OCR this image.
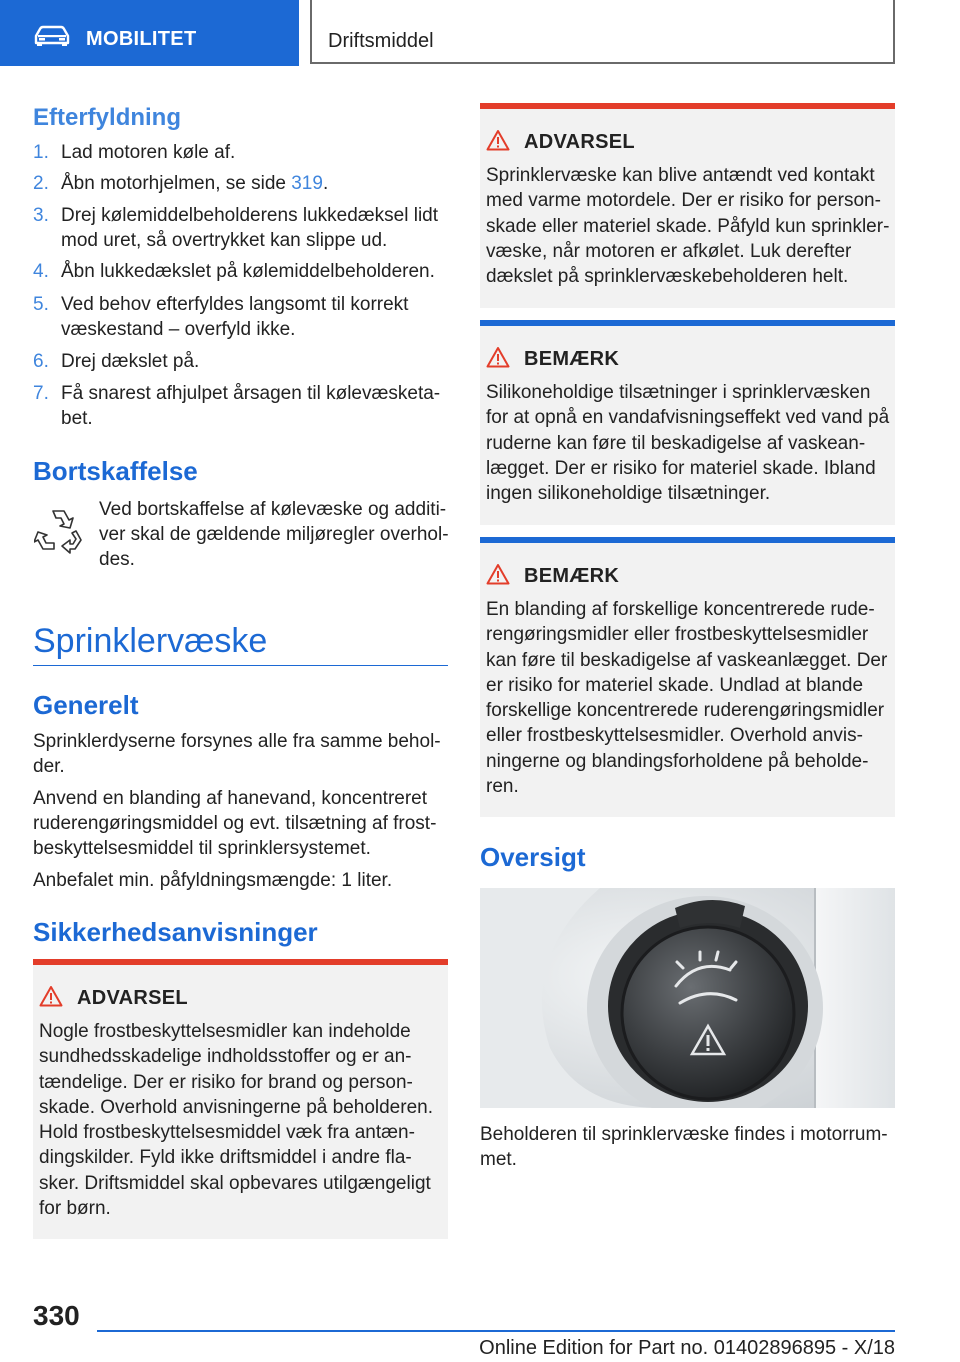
MOBILITET	Driftsmiddel
Efterfyldning
1. Lad motoren køle af.
2. Åbn motorhjelmen, se side 319.
3. Drej kølemiddelbeholderens lukkedæksel lidt mod uret, så overtrykket kan slippe ud.
4. Åbn lukkedækslet på kølemiddelbeholderen.
5. Ved behov efterfyldes langsomt til korrekt væskestand – overfyld ikke.
6. Drej dækslet på.
7. Få snarest afhjulpet årsagen til kølevæsketa-bet.
Bortskaffelse
Ved bortskaffelse af kølevæske og additi-ver skal de gældende miljøregler overhol-des.
Sprinklervæske
Generelt
Sprinklerdyserne forsynes alle fra samme behol-der.
Anvend en blanding af hanevand, koncentreret ruderengøringsmiddel og evt. tilsætning af frost-beskyttelsesmiddel til sprinklersystemet.
Anbefalet min. påfyldningsmængde: 1 liter.
Sikkerhedsanvisninger
ADVARSEL
Nogle frostbeskyttelsesmidler kan indeholde sundhedsskadelige indholdsstoffer og er an-tændelige. Der er risiko for brand og person-skade. Overhold anvisningerne på beholderen. Hold frostbeskyttelsesmiddel væk fra antæn-dingskilder. Fyld ikke driftsmiddel i andre fla-sker. Driftsmiddel skal opbevares utilgængeligt for børn.
ADVARSEL
Sprinklervæske kan blive antændt ved kontakt med varme motordele. Der er risiko for person-skade eller materiel skade. Påfyld kun sprinkler-væske, når motoren er afkølet. Luk derefter dækslet på sprinklervæskebeholderen helt.
BEMÆRK
Silikoneholdige tilsætninger i sprinklervæsken for at opnå en vandafvisningseffekt ved vand på ruderne kan føre til beskadigelse af vaskean-lægget. Der er risiko for materiel skade. Ibland ingen silikoneholdige tilsætninger.
BEMÆRK
En blanding af forskellige koncentrerede rude-rengøringsmidler eller frostbeskyttelsesmidler kan føre til beskadigelse af vaskeanlægget. Der er risiko for materiel skade. Undlad at blande forskellige koncentrerede ruderengøringsmidler eller frostbeskyttelsesmidler. Overhold anvis-ningerne og blandingsforholdene på beholde-ren.
Oversigt
Beholderen til sprinklervæske findes i motorrum-met.
330
Online Edition for Part no. 01402896895 - X/18
